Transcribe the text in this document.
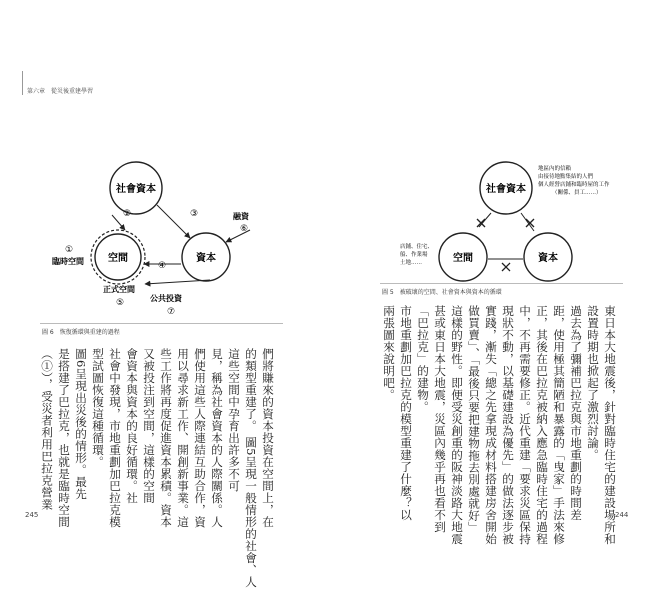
第六章　從災後重建學習
社會資本
資本
空間
②	③
④
①
臨時空間
融資
⑥
正式空間
⑤	公共投資
⑦
圖 6　恢復循環與重建的過程
社會資本
空間	資本
地區內的信賴
由接待地點集結的人們
個人經營店鋪和臨時屋的工作
（關係、員工……）
店鋪、住宅、
船、作業場
土地……
圖 5　被破壞的空間、社會資本與資本的循環
們將賺來的資本投資在空間上，在
的類型重建了。 圖5呈現一般情形的社會、人
這些空間中孕育出許多不可
見，稱為社會資本的人際關係。人
們使用這些人際連結互助合作，資
用以尋求新工作、開創新事業。這
些工作將再度促進資本累積。資本
又被投注到空間，這樣的空間
會資本與資本的良好循環。社
社會中發現，市地重劃加巴拉克模
型試圖恢復這種循環。
圖6呈現出災後的情形。最先
是搭建了巴拉克，也就是臨時空間
（①），受災者利用巴拉克營業	東日本大地震後，針對臨時住宅的建設場所和
設置時期也掀起了激烈討論。
過去為了彌補巴拉克與市地重劃的時間差
距，使用極其簡陋和暴露的「曳家」手法來修
正，其後在巴拉克被納入應急臨時住宅的過程
中，不再需要修正。近代重建「要求災區保持
現狀不動，以基礎建設為優先」的做法逐步被
實踐，漸失「總之先拿現成材料搭建房舍開始
做買賣」、「最後只要把建物拖去別處就好」
這樣的野性。即便受災創重的阪神淡路大地震
甚或東日本大地震，災區內幾乎再也看不到
「巴拉克」的建物。
市地重劃加巴拉克的模型重建了什麼？以
兩張圖來說明吧。
245	244
